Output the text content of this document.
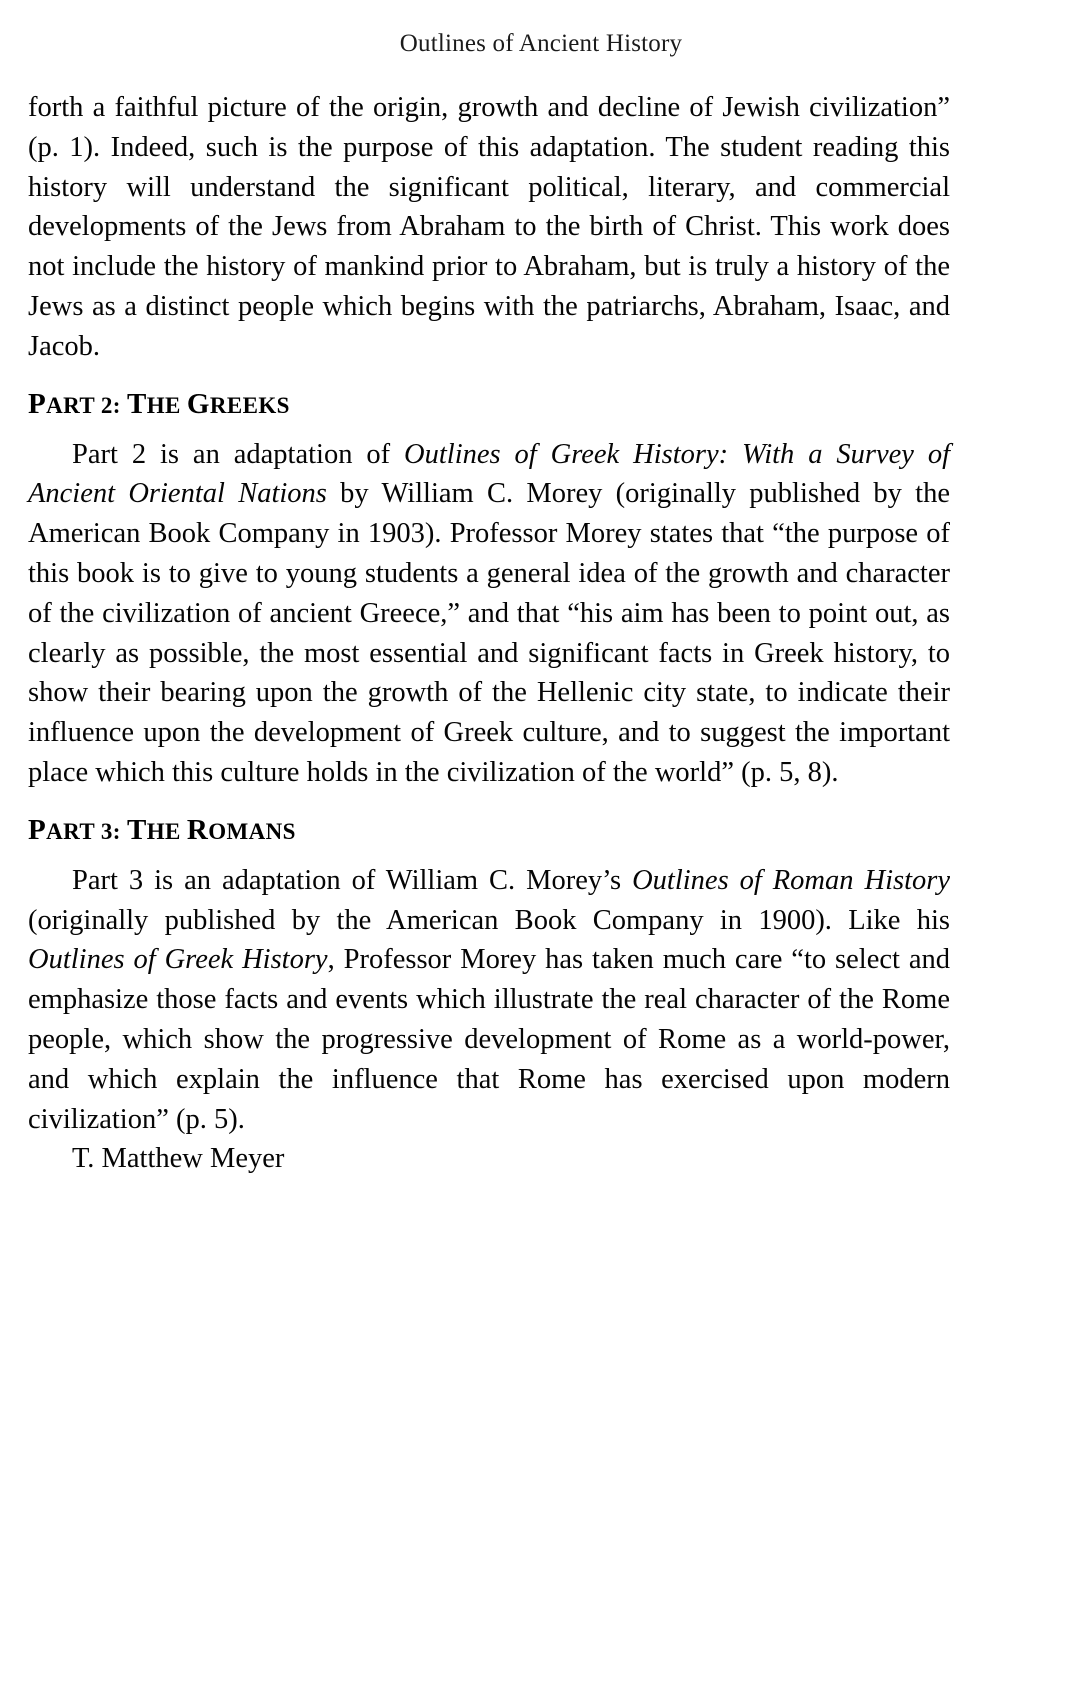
Outlines of Ancient History

forth a faithful picture of the origin, growth and decline of Jewish civilization” (p. 1). Indeed, such is the purpose of this adaptation. The student reading this history will understand the significant political, literary, and commercial developments of the Jews from Abraham to the birth of Christ. This work does not include the history of mankind prior to Abraham, but is truly a history of the Jews as a distinct people which begins with the patriarchs, Abraham, Isaac, and Jacob.

PART 2: THE GREEKS

Part 2 is an adaptation of Outlines of Greek History: With a Survey of Ancient Oriental Nations by William C. Morey (originally published by the American Book Company in 1903). Professor Morey states that “the purpose of this book is to give to young students a general idea of the growth and character of the civilization of ancient Greece,” and that “his aim has been to point out, as clearly as possible, the most essential and significant facts in Greek history, to show their bearing upon the growth of the Hellenic city state, to indicate their influence upon the development of Greek culture, and to suggest the important place which this culture holds in the civilization of the world” (p. 5, 8).

PART 3: THE ROMANS

Part 3 is an adaptation of William C. Morey’s Outlines of Roman History (originally published by the American Book Company in 1900). Like his Outlines of Greek History, Professor Morey has taken much care “to select and emphasize those facts and events which illustrate the real character of the Rome people, which show the progressive development of Rome as a world-power, and which explain the influence that Rome has exercised upon modern civilization” (p. 5).

T. Matthew Meyer
